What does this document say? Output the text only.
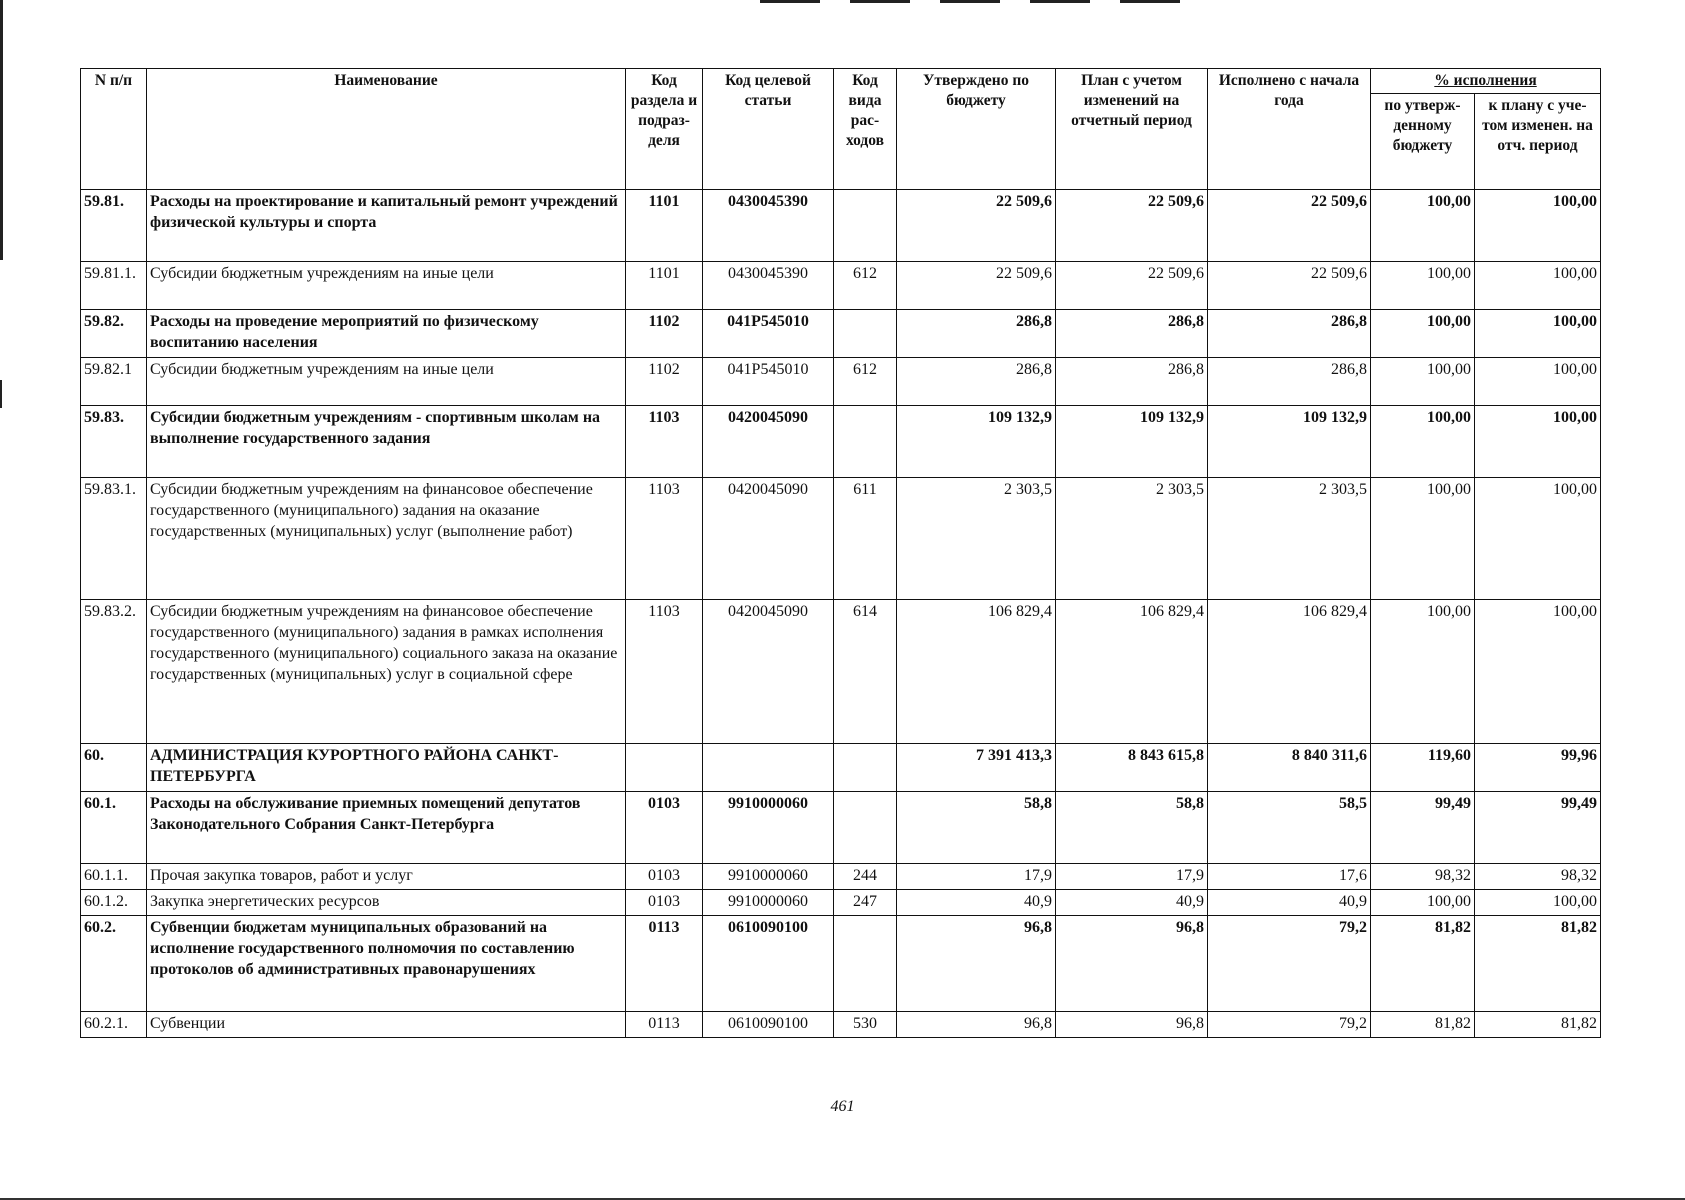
N п/п	Наименование	Код раздела и подраз-деля	Код целевой статьи	Код вида рас-ходов	Утверждено по бюджету	План с учетом изменений на отчетный период	Исполнено с начала года	% исполнения	
								по утверж-денному бюджету	к плану с уче-том изменен. на отч. период
59.81.	Расходы на проектирование и капитальный ремонт учреждений физической культуры и спорта	1101	0430045390		22 509,6	22 509,6	22 509,6	100,00	100,00
59.81.1.	Субсидии бюджетным учреждениям на иные цели	1101	0430045390	612	22 509,6	22 509,6	22 509,6	100,00	100,00
59.82.	Расходы на проведение мероприятий по физическому воспитанию населения	1102	041P545010		286,8	286,8	286,8	100,00	100,00
59.82.1	Субсидии бюджетным учреждениям на иные цели	1102	041P545010	612	286,8	286,8	286,8	100,00	100,00
59.83.	Субсидии бюджетным учреждениям - спортивным школам на выполнение государственного задания	1103	0420045090		109 132,9	109 132,9	109 132,9	100,00	100,00
59.83.1.	Субсидии бюджетным учреждениям на финансовое обеспечение государственного (муниципального) задания на оказание государственных (муниципальных) услуг (выполнение работ)	1103	0420045090	611	2 303,5	2 303,5	2 303,5	100,00	100,00
59.83.2.	Субсидии бюджетным учреждениям на финансовое обеспечение государственного (муниципального) задания в рамках исполнения государственного (муниципального) социального заказа на оказание государственных (муниципальных) услуг в социальной сфере	1103	0420045090	614	106 829,4	106 829,4	106 829,4	100,00	100,00
60.	АДМИНИСТРАЦИЯ КУРОРТНОГО РАЙОНА САНКТ-ПЕТЕРБУРГА				7 391 413,3	8 843 615,8	8 840 311,6	119,60	99,96
60.1.	Расходы на обслуживание приемных помещений депутатов Законодательного Собрания Санкт-Петербурга	0103	9910000060		58,8	58,8	58,5	99,49	99,49
60.1.1.	Прочая закупка товаров, работ и услуг	0103	9910000060	244	17,9	17,9	17,6	98,32	98,32
60.1.2.	Закупка энергетических ресурсов	0103	9910000060	247	40,9	40,9	40,9	100,00	100,00
60.2.	Субвенции бюджетам муниципальных образований на исполнение государственного полномочия по составлению протоколов об административных правонарушениях	0113	0610090100		96,8	96,8	79,2	81,82	81,82
60.2.1.	Субвенции	0113	0610090100	530	96,8	96,8	79,2	81,82	81,82
461
